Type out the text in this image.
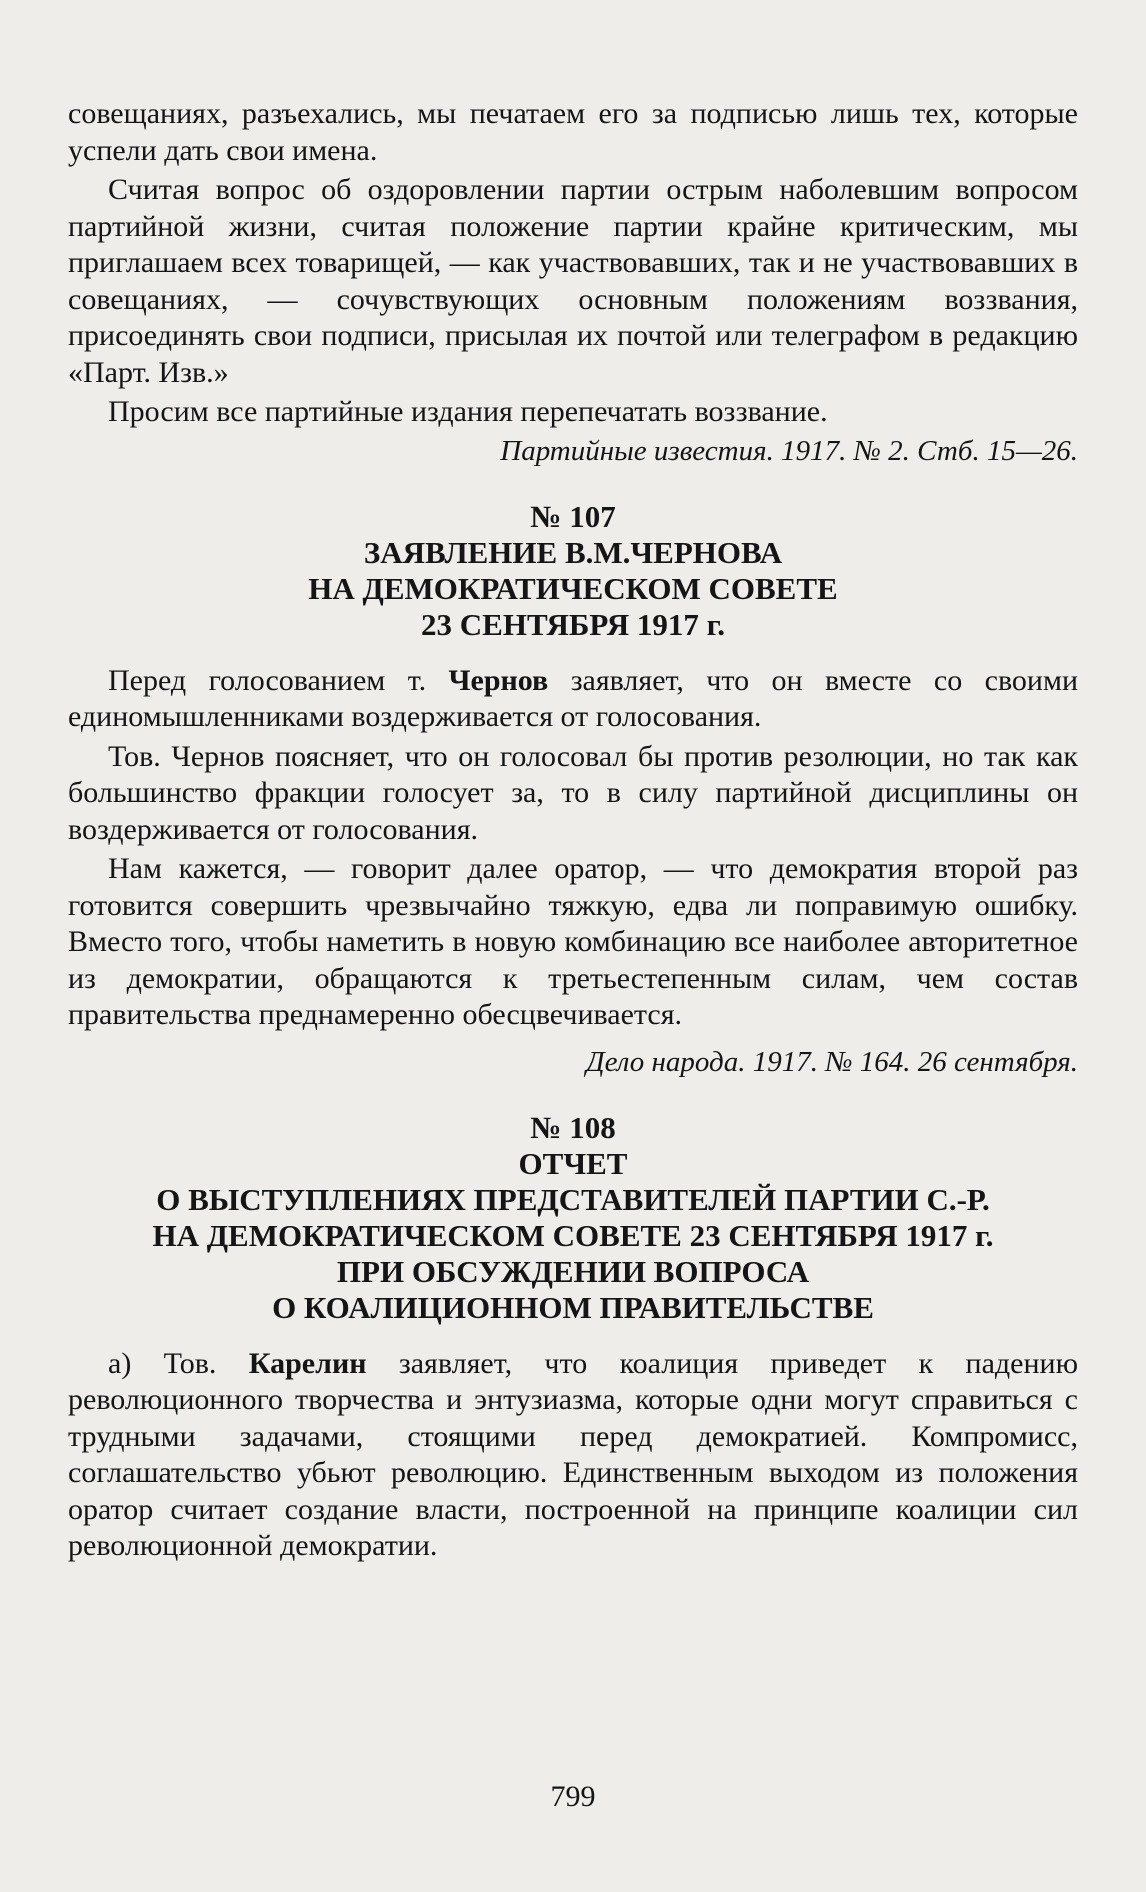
совещаниях, разъехались, мы печатаем его за подписью лишь тех, которые успели дать свои имена.

Считая вопрос об оздоровлении партии острым наболевшим вопросом партийной жизни, считая положение партии крайне критическим, мы приглашаем всех товарищей, — как участвовавших, так и не участвовавших в совещаниях, — сочувствующих основным положениям воззвания, присоединять свои подписи, присылая их почтой или телеграфом в редакцию «Парт. Изв.»

Просим все партийные издания перепечатать воззвание.

Партийные известия. 1917. № 2. Стб. 15—26.
№ 107
ЗАЯВЛЕНИЕ В.М.ЧЕРНОВА
НА ДЕМОКРАТИЧЕСКОМ СОВЕТЕ
23 СЕНТЯБРЯ 1917 г.

Перед голосованием т. Чернов заявляет, что он вместе со своими единомышленниками воздерживается от голосования.

Тов. Чернов поясняет, что он голосовал бы против резолюции, но так как большинство фракции голосует за, то в силу партийной дисциплины он воздерживается от голосования.

Нам кажется, — говорит далее оратор, — что демократия второй раз готовится совершить чрезвычайно тяжкую, едва ли поправимую ошибку. Вместо того, чтобы наметить в новую комбинацию все наиболее авторитетное из демократии, обращаются к третьестепенным силам, чем состав правительства преднамеренно обесцвечивается.

Дело народа. 1917. № 164. 26 сентября.
№ 108
ОТЧЕТ
О ВЫСТУПЛЕНИЯХ ПРЕДСТАВИТЕЛЕЙ ПАРТИИ С.-Р.
НА ДЕМОКРАТИЧЕСКОМ СОВЕТЕ 23 СЕНТЯБРЯ 1917 г.
ПРИ ОБСУЖДЕНИИ ВОПРОСА
О КОАЛИЦИОННОМ ПРАВИТЕЛЬСТВЕ

а) Тов. Карелин заявляет, что коалиция приведет к падению революционного творчества и энтузиазма, которые одни могут справиться с трудными задачами, стоящими перед демократией. Компромисс, соглашательство убьют революцию. Единственным выходом из положения оратор считает создание власти, построенной на принципе коалиции сил революционной демократии.

799
